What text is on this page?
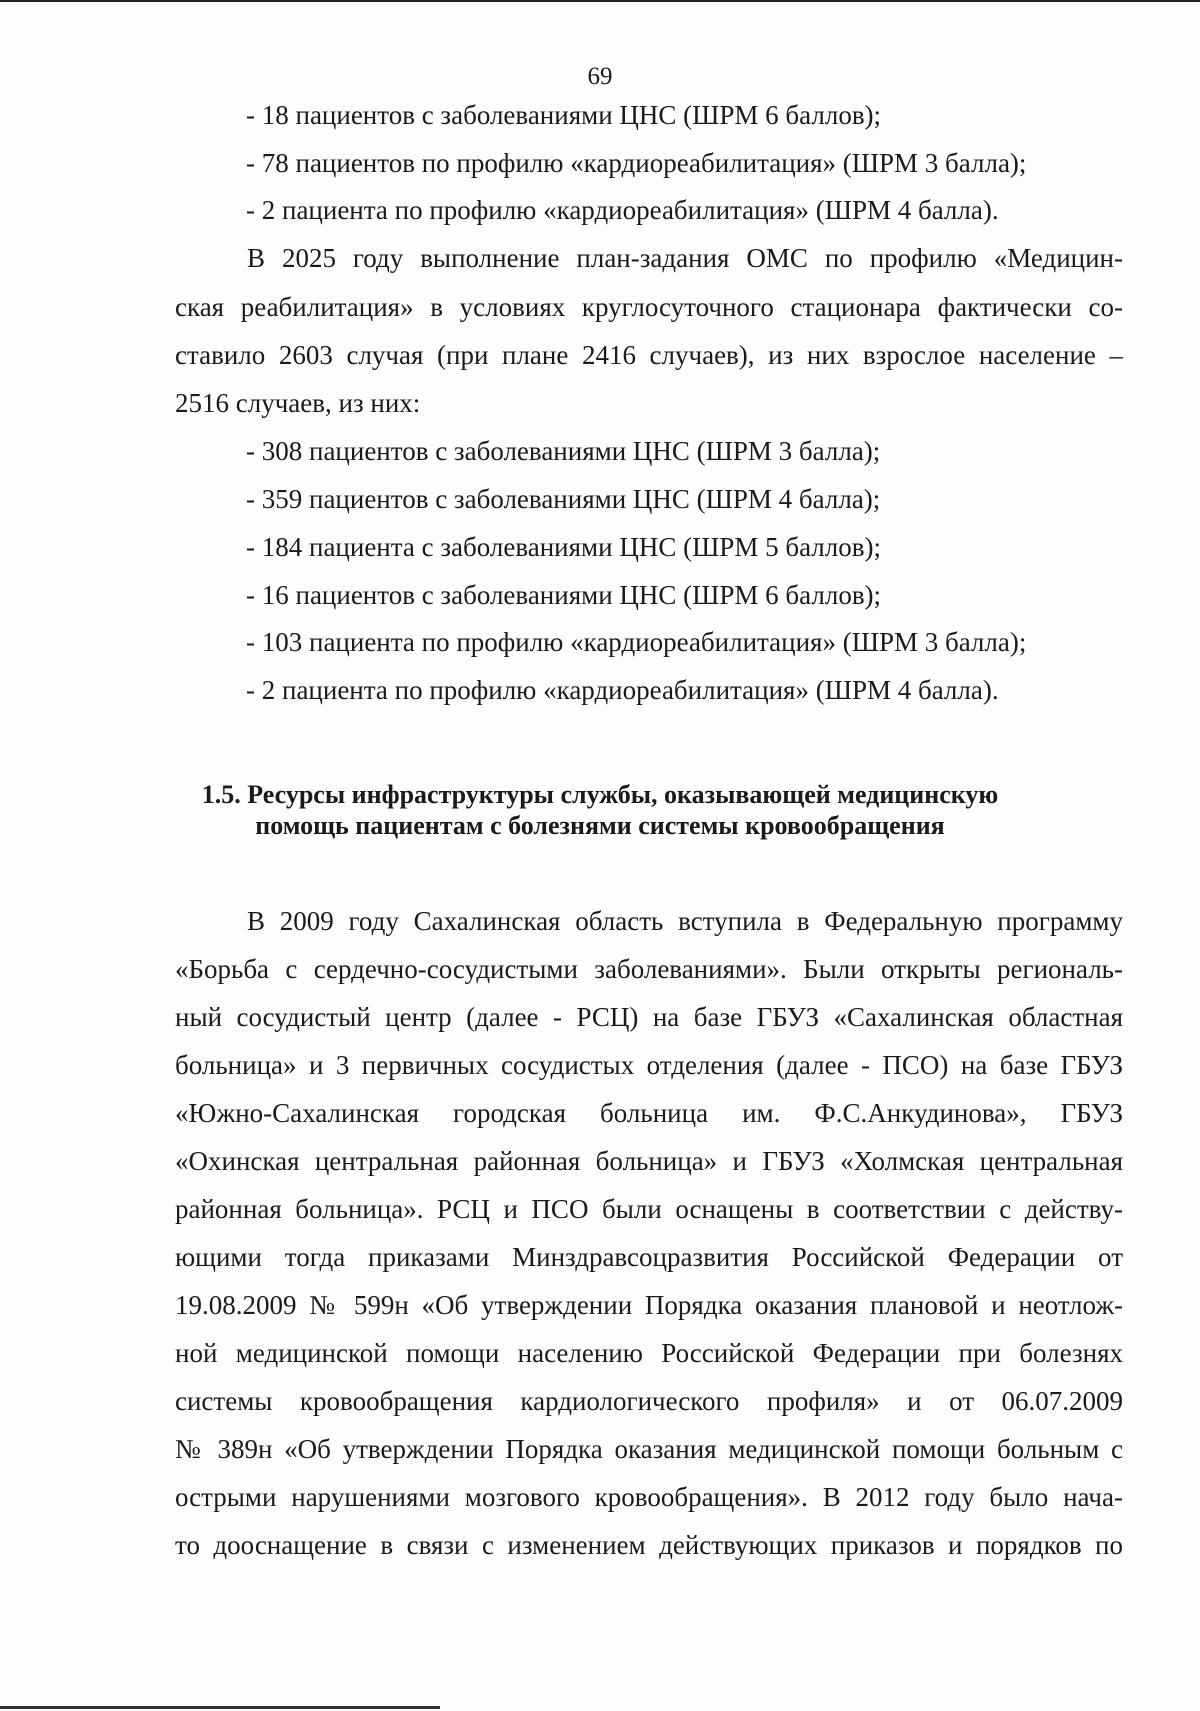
69
- 18 пациентов с заболеваниями ЦНС (ШРМ 6 баллов);
- 78 пациентов по профилю «кардиореабилитация» (ШРМ 3 балла);
- 2 пациента по профилю «кардиореабилитация» (ШРМ 4 балла).
В 2025 году выполнение план-задания ОМС по профилю «Медицин-
ская реабилитация» в условиях круглосуточного стационара фактически со-
ставило 2603 случая (при плане 2416 случаев), из них взрослое население –
2516 случаев, из них:
- 308 пациентов с заболеваниями ЦНС (ШРМ 3 балла);
- 359 пациентов с заболеваниями ЦНС (ШРМ 4 балла);
- 184 пациента с заболеваниями ЦНС (ШРМ 5 баллов);
- 16 пациентов с заболеваниями ЦНС (ШРМ 6 баллов);
- 103 пациента по профилю «кардиореабилитация» (ШРМ 3 балла);
- 2 пациента по профилю «кардиореабилитация» (ШРМ 4 балла).
1.5. Ресурсы инфраструктуры службы, оказывающей медицинскую
помощь пациентам с болезнями системы кровообращения
В 2009 году Сахалинская область вступила в Федеральную программу
«Борьба с сердечно-сосудистыми заболеваниями». Были открыты региональ-
ный сосудистый центр (далее - РСЦ) на базе ГБУЗ «Сахалинская областная
больница» и 3 первичных сосудистых отделения (далее - ПСО) на базе ГБУЗ
«Южно-Сахалинская городская больница им. Ф.С.Анкудинова», ГБУЗ
«Охинская центральная районная больница» и ГБУЗ «Холмская центральная
районная больница». РСЦ и ПСО были оснащены в соответствии с действу-
ющими тогда приказами Минздравсоцразвития Российской Федерации от
19.08.2009 № 599н «Об утверждении Порядка оказания плановой и неотлож-
ной медицинской помощи населению Российской Федерации при болезнях
системы кровообращения кардиологического профиля» и от 06.07.2009
№ 389н «Об утверждении Порядка оказания медицинской помощи больным с
острыми нарушениями мозгового кровообращения». В 2012 году было нача-
то дооснащение в связи с изменением действующих приказов и порядков по
